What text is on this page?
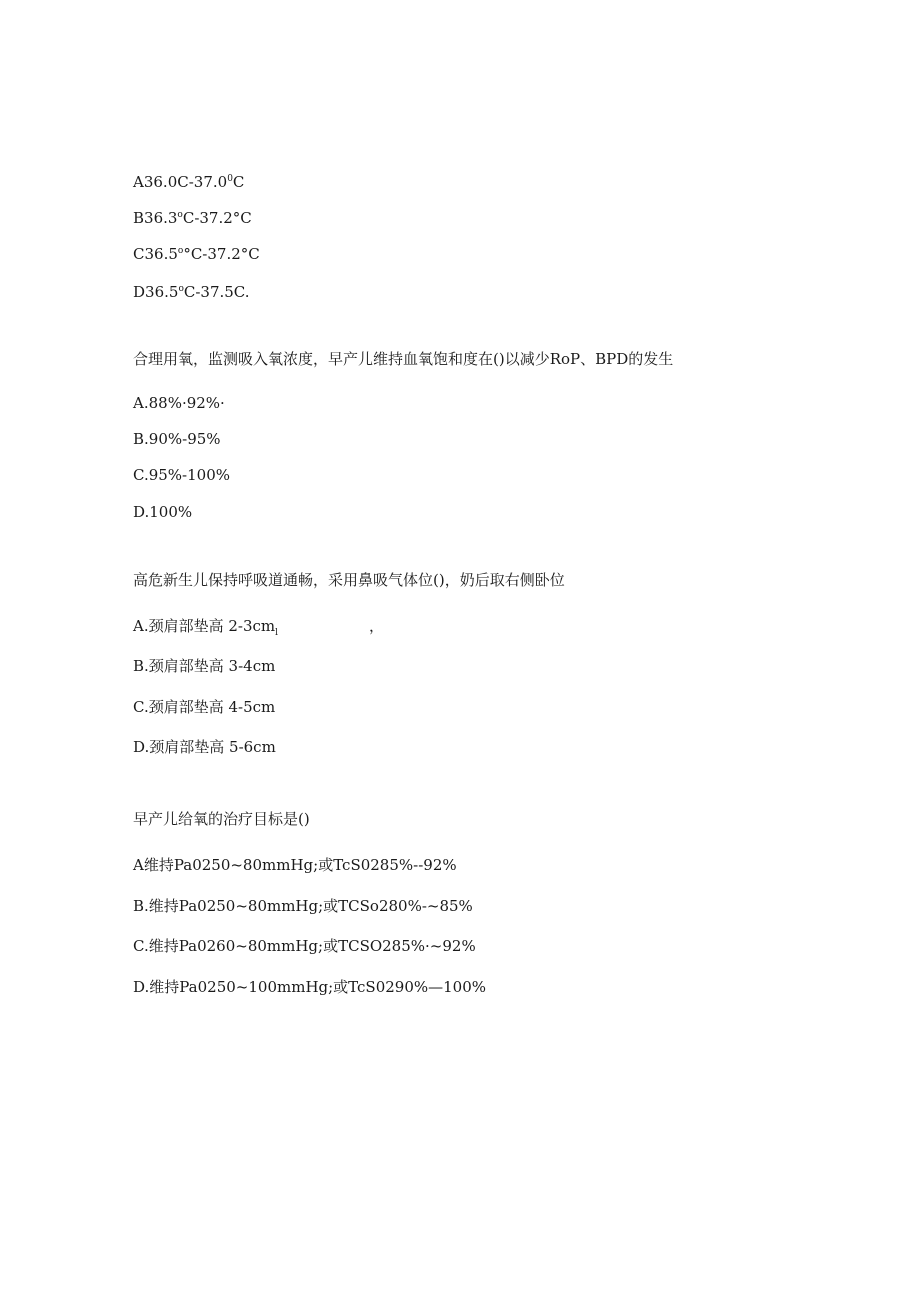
A36.0C-37.0$^0$C
B36.3$^o$C-37.2°C
C36.5$^o$°C-37.2°C
D36.5$^o$C-37.5C.
合理用氧，监测吸入氧浓度，早产儿维持血氧饱和度在()以减少RoP、BPD的发生
A.88%·92%·
B.90%-95%
C.95%-100%
D.100%
高危新生儿保持呼吸道通畅，采用鼻吸气体位()，奶后取右侧卧位
A.颈肩部垫高 $2-3cm_l$	，
B.颈肩部垫高 3-4cm
C.颈肩部垫高 4-5cm
D.颈肩部垫高 5-6cm
早产儿给氧的治疗目标是()
A维持Pa0250~80mmHg;或TcS0285%--92%
B.维持Pa0250~80mmHg;或TCSo280%-~85%
C.维持Pa0260~80mmHg;或TCSO285%·~92%
D.维持Pa0250~100mmHg;或TcS0290%—100%
